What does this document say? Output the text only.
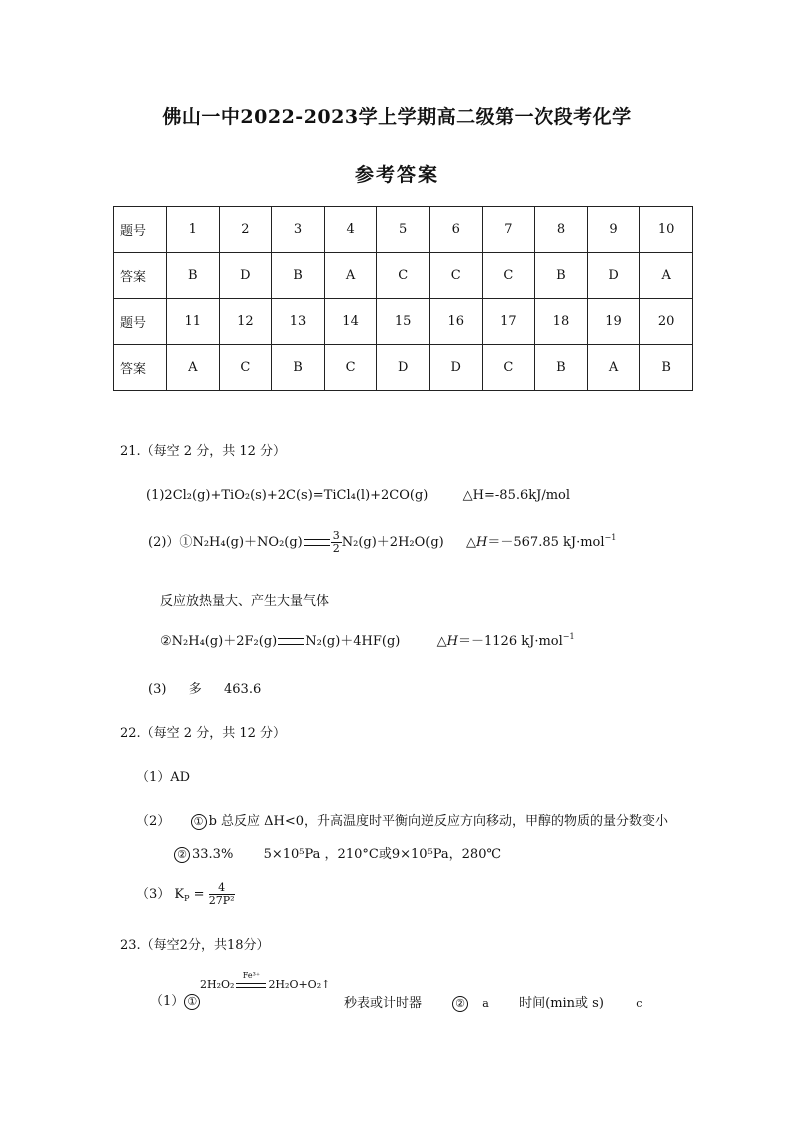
佛山一中2022-2023学上学期高二级第一次段考化学
参考答案
题号	1	2	3	4	5	6	7	8	9	10
答案	B	D	B	A	C	C	C	B	D	A
题号	11	12	13	14	15	16	17	18	19	20
答案	A	C	B	C	D	D	C	B	A	B
21.（每空 2 分，共 12 分）
(1)2Cl₂(g)+TiO₂(s)+2C(s)=TiCl₄(l)+2CO(g)	△H=-85.6kJ/mol
(2)）①N₂H₄(g)＋NO₂(g)	$\frac{3}{2} N_2(g)+2H_2O(g)$ △H＝－567.85 kJ·mol$^{-1}$
反应放热量大、产生大量气体
②N₂H₄(g)＋2F₂(g) N₂(g)＋4HF(g)	△H＝－1126 kJ·mol$^{-1}$
(3) 多 463.6
22.（每空 2 分，共 12 分）
（1）AD
（2） ① b 总反应 ΔH<0，升高温度时平衡向逆反应方向移动，甲醇的物质的量分数变小
② 33.3% 5×10⁵Pa ，210°C或9×10⁵Pa，280℃
（3） $K_P = \frac{4}{\text{27P²}}$
23.（每空2分，共18分）
（1） ①
2H₂O₂
Fe³⁺
2H₂O+O₂↑
秒表或计时器	② a 时间(min或 s)	c
